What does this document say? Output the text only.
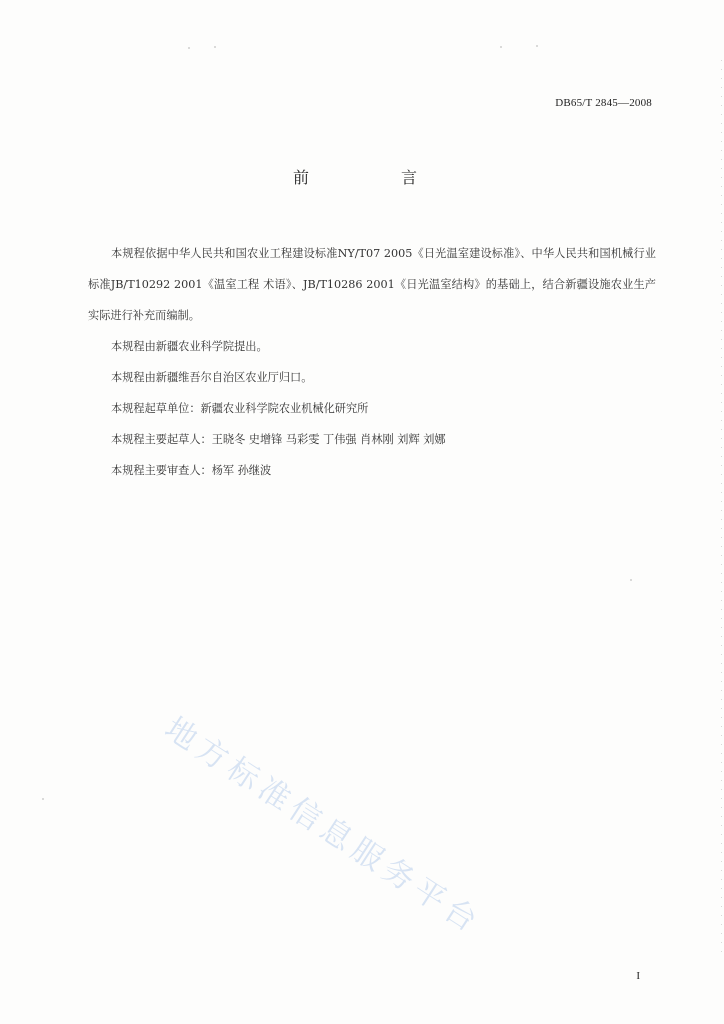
DB65/T 2845—2008
前　言

本规程依据中华人民共和国农业工程建设标准NY/T07 2005《日光温室建设标准》、中华人民共和国机械行业标准JB/T10292 2001《温室工程 术语》、JB/T10286 2001《日光温室结构》的基础上，结合新疆设施农业生产实际进行补充而编制。

本规程由新疆农业科学院提出。

本规程由新疆维吾尔自治区农业厅归口。

本规程起草单位：新疆农业科学院农业机械化研究所

本规程主要起草人：王晓冬 史增锋 马彩雯 丁伟强 肖林刚 刘辉 刘娜

本规程主要审查人：杨军 孙继波

地方标准信息服务平台
I
